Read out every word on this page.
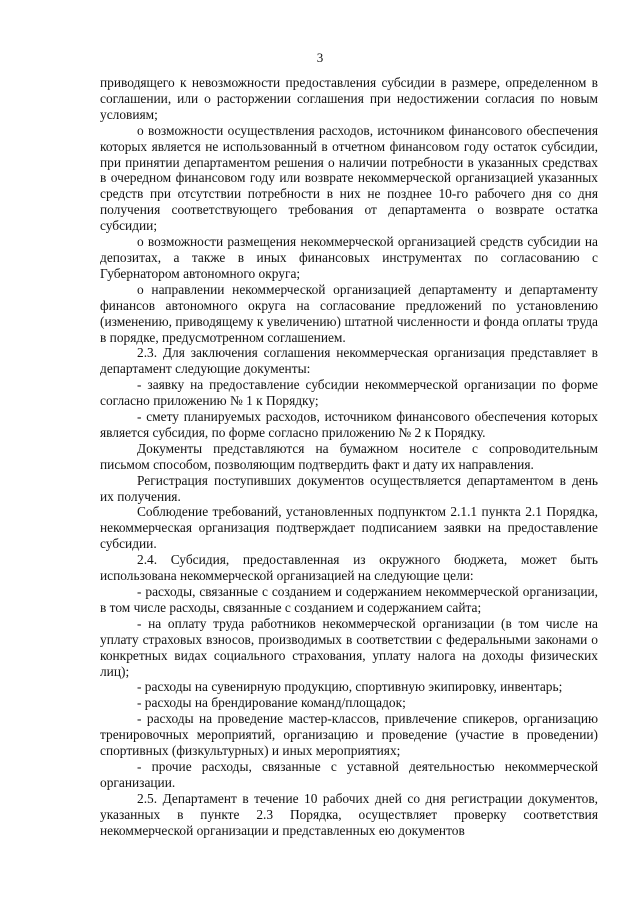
3

приводящего к невозможности предоставления субсидии в размере, определенном в соглашении, или о расторжении соглашения при недостижении согласия по новым условиям;

о возможности осуществления расходов, источником финансового обеспечения которых является не использованный в отчетном финансовом году остаток субсидии, при принятии департаментом решения о наличии потребности в указанных средствах в очередном финансовом году или возврате некоммерческой организацией указанных средств при отсутствии потребности в них не позднее 10-го рабочего дня со дня получения соответствующего требования от департамента о возврате остатка субсидии;

о возможности размещения некоммерческой организацией средств субсидии на депозитах, а также в иных финансовых инструментах по согласованию с Губернатором автономного округа;

о направлении некоммерческой организацией департаменту и департаменту финансов автономного округа на согласование предложений по установлению (изменению, приводящему к увеличению) штатной численности и фонда оплаты труда в порядке, предусмотренном соглашением.

2.3. Для заключения соглашения некоммерческая организация представляет в департамент следующие документы:

- заявку на предоставление субсидии некоммерческой организации по форме согласно приложению № 1 к Порядку;

- смету планируемых расходов, источником финансового обеспечения которых является субсидия, по форме согласно приложению № 2 к Порядку.

Документы представляются на бумажном носителе с сопроводительным письмом способом, позволяющим подтвердить факт и дату их направления.

Регистрация поступивших документов осуществляется департаментом в день их получения.

Соблюдение требований, установленных подпунктом 2.1.1 пункта 2.1 Порядка, некоммерческая организация подтверждает подписанием заявки на предоставление субсидии.

2.4. Субсидия, предоставленная из окружного бюджета, может быть использована некоммерческой организацией на следующие цели:

- расходы, связанные с созданием и содержанием некоммерческой организации, в том числе расходы, связанные с созданием и содержанием сайта;

- на оплату труда работников некоммерческой организации (в том числе на уплату страховых взносов, производимых в соответствии с федеральными законами о конкретных видах социального страхования, уплату налога на доходы физических лиц);

- расходы на сувенирную продукцию, спортивную экипировку, инвентарь;

- расходы на брендирование команд/площадок;

- расходы на проведение мастер-классов, привлечение спикеров, организацию тренировочных мероприятий, организацию и проведение (участие в проведении) спортивных (физкультурных) и иных мероприятиях;

- прочие расходы, связанные с уставной деятельностью некоммерческой организации.

2.5. Департамент в течение 10 рабочих дней со дня регистрации документов, указанных в пункте 2.3 Порядка, осуществляет проверку соответствия некоммерческой организации и представленных ею документов
